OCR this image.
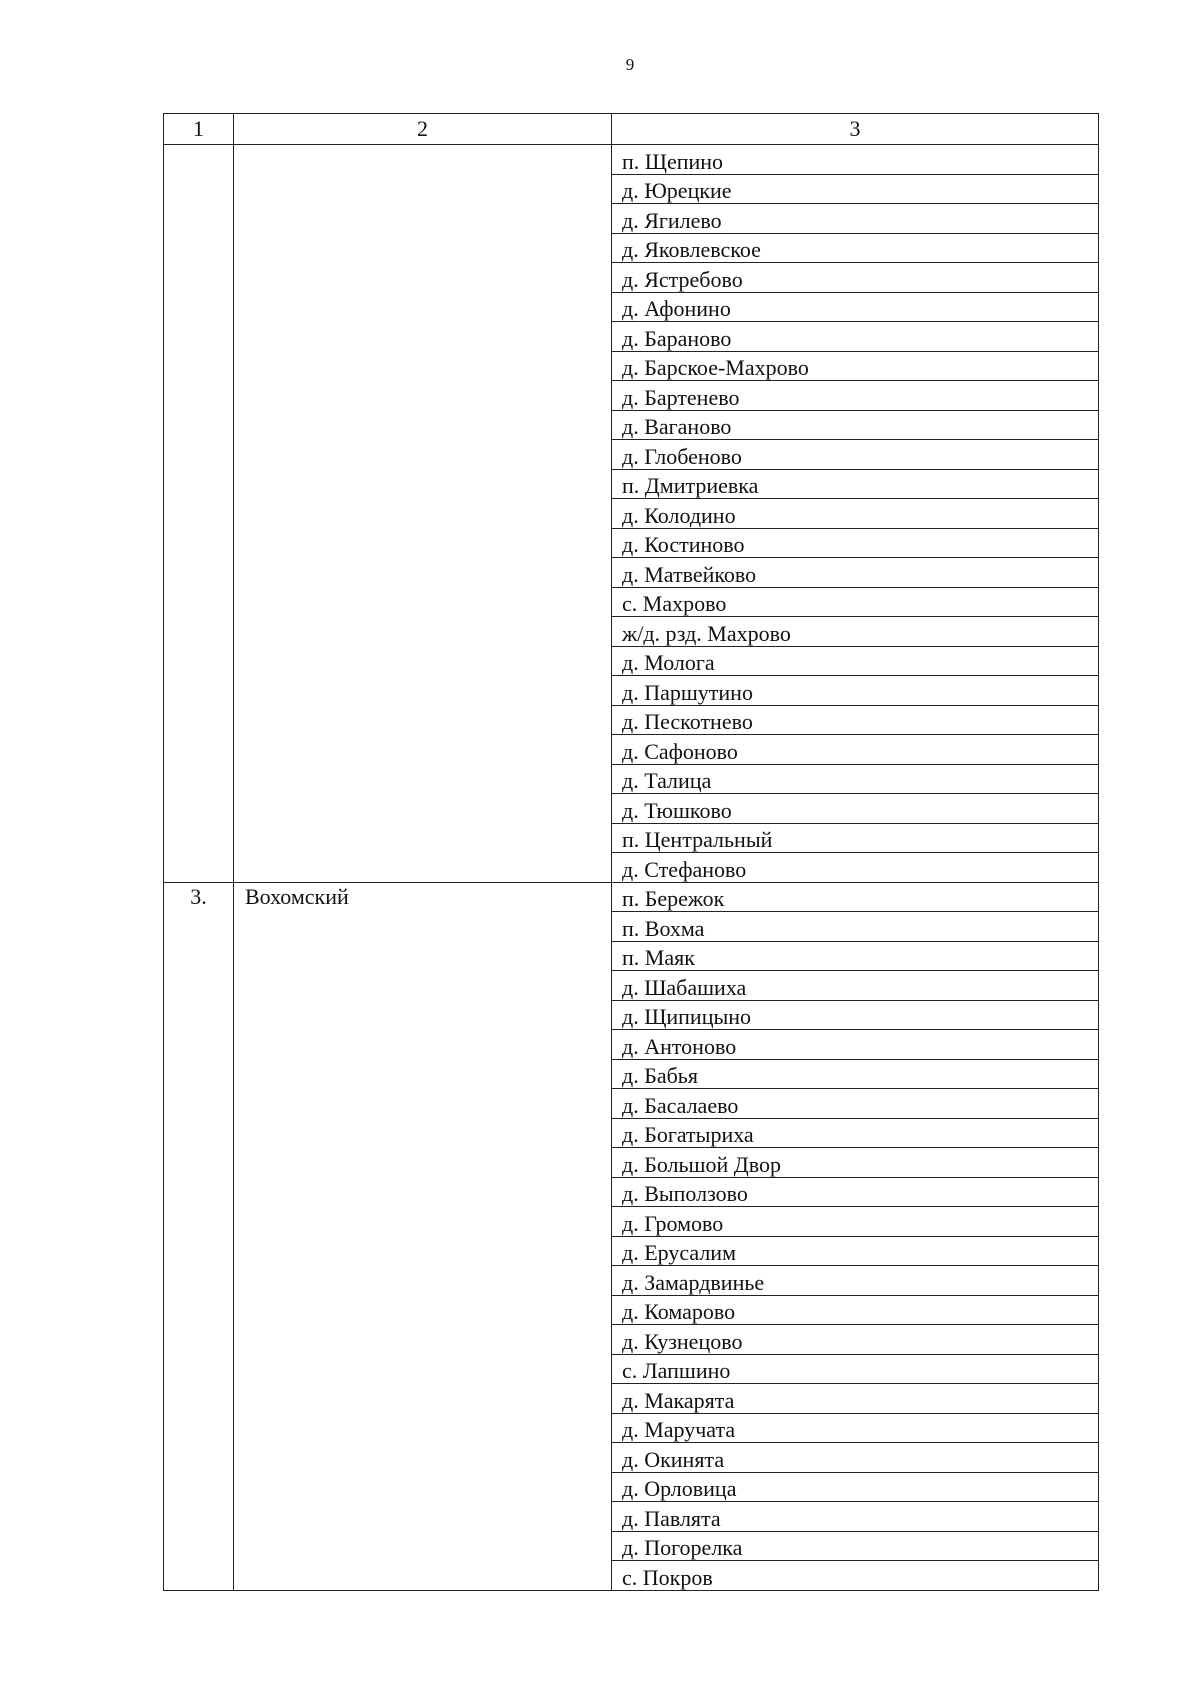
9
1	2	3
		п. Щепино
		д. Юрецкие
		д. Ягилево
		д. Яковлевское
		д. Ястребово
		д. Афонино
		д. Бараново
		д. Барское-Махрово
		д. Бартенево
		д. Ваганово
		д. Глобеново
		п. Дмитриевка
		д. Колодино
		д. Костиново
		д. Матвейково
		с. Махрово
		ж/д. рзд. Махрово
		д. Молога
		д. Паршутино
		д. Пескотнево
		д. Сафоново
		д. Талица
		д. Тюшково
		п. Центральный
		д. Стефаново
3.	Вохомский	п. Бережок
		п. Вохма
		п. Маяк
		д. Шабашиха
		д. Щипицыно
		д. Антоново
		д. Бабья
		д. Басалаево
		д. Богатыриха
		д. Большой Двор
		д. Выползово
		д. Громово
		д. Ерусалим
		д. Замардвинье
		д. Комарово
		д. Кузнецово
		с. Лапшино
		д. Макарята
		д. Маручата
		д. Окинята
		д. Орловица
		д. Павлята
		д. Погорелка
		с. Покров
